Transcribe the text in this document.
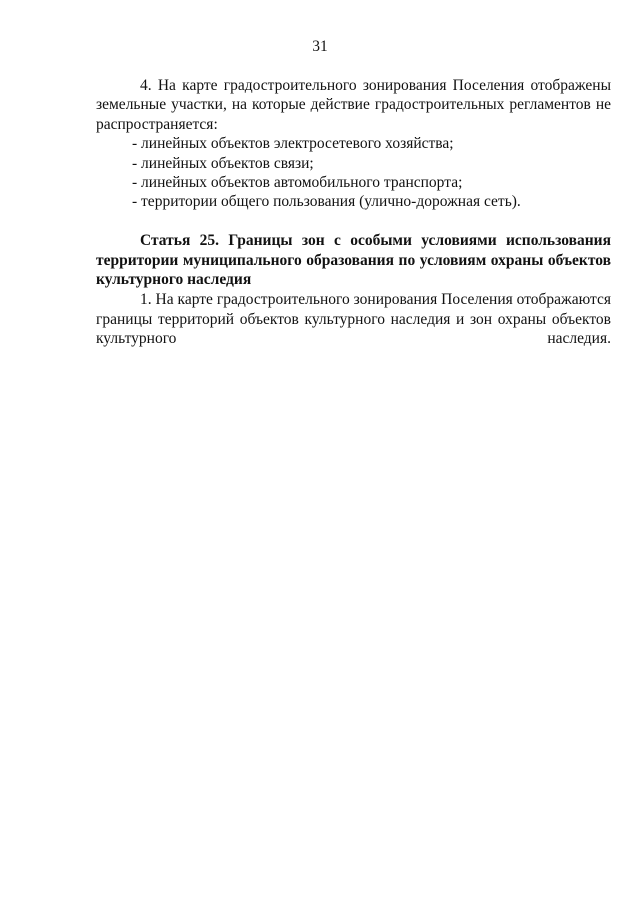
31
4. На карте градостроительного зонирования Поселения отображены
земельные участки, на которые действие градостроительных регламентов не
распространяется:
- линейных объектов электросетевого хозяйства;
- линейных объектов связи;
- линейных объектов автомобильного транспорта;
- территории общего пользования (улично-дорожная сеть).
Статья 25. Границы зон с особыми условиями использования
территории муниципального образования по условиям охраны объектов
культурного наследия
1. На карте градостроительного зонирования Поселения отображаются
границы территорий объектов культурного наследия и зон охраны объектов
культурного наследия.
